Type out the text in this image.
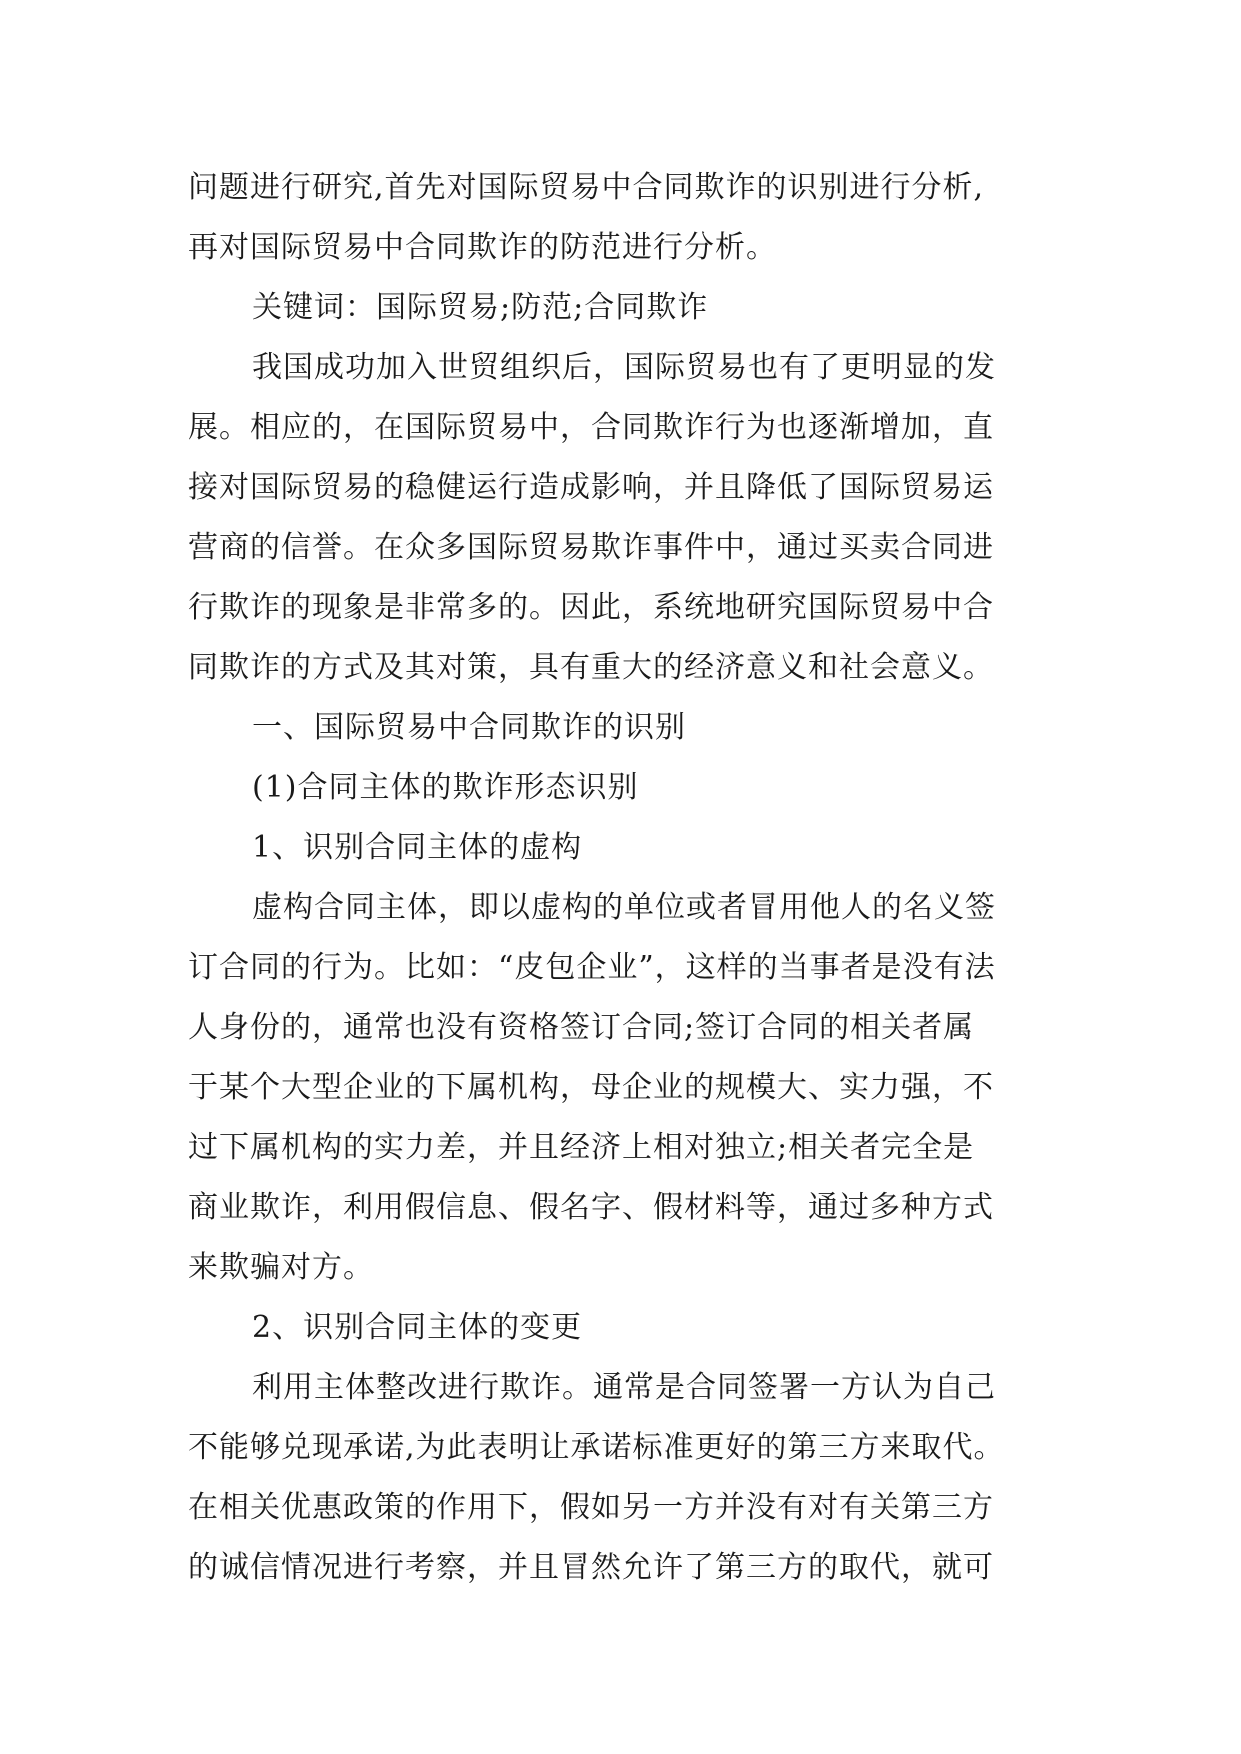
问题进行研究,首先对国际贸易中合同欺诈的识别进行分析,
再对国际贸易中合同欺诈的防范进行分析。
关键词：国际贸易;防范;合同欺诈
我国成功加入世贸组织后，国际贸易也有了更明显的发
展。相应的，在国际贸易中，合同欺诈行为也逐渐增加，直
接对国际贸易的稳健运行造成影响，并且降低了国际贸易运
营商的信誉。在众多国际贸易欺诈事件中，通过买卖合同进
行欺诈的现象是非常多的。因此，系统地研究国际贸易中合
同欺诈的方式及其对策，具有重大的经济意义和社会意义。
一、国际贸易中合同欺诈的识别
(1)合同主体的欺诈形态识别
1、识别合同主体的虚构
虚构合同主体，即以虚构的单位或者冒用他人的名义签
订合同的行为。比如：“皮包企业”，这样的当事者是没有法
人身份的，通常也没有资格签订合同;签订合同的相关者属
于某个大型企业的下属机构，母企业的规模大、实力强，不
过下属机构的实力差，并且经济上相对独立;相关者完全是
商业欺诈，利用假信息、假名字、假材料等，通过多种方式
来欺骗对方。
2、识别合同主体的变更
利用主体整改进行欺诈。通常是合同签署一方认为自己
不能够兑现承诺,为此表明让承诺标准更好的第三方来取代。
在相关优惠政策的作用下，假如另一方并没有对有关第三方
的诚信情况进行考察，并且冒然允许了第三方的取代，就可
